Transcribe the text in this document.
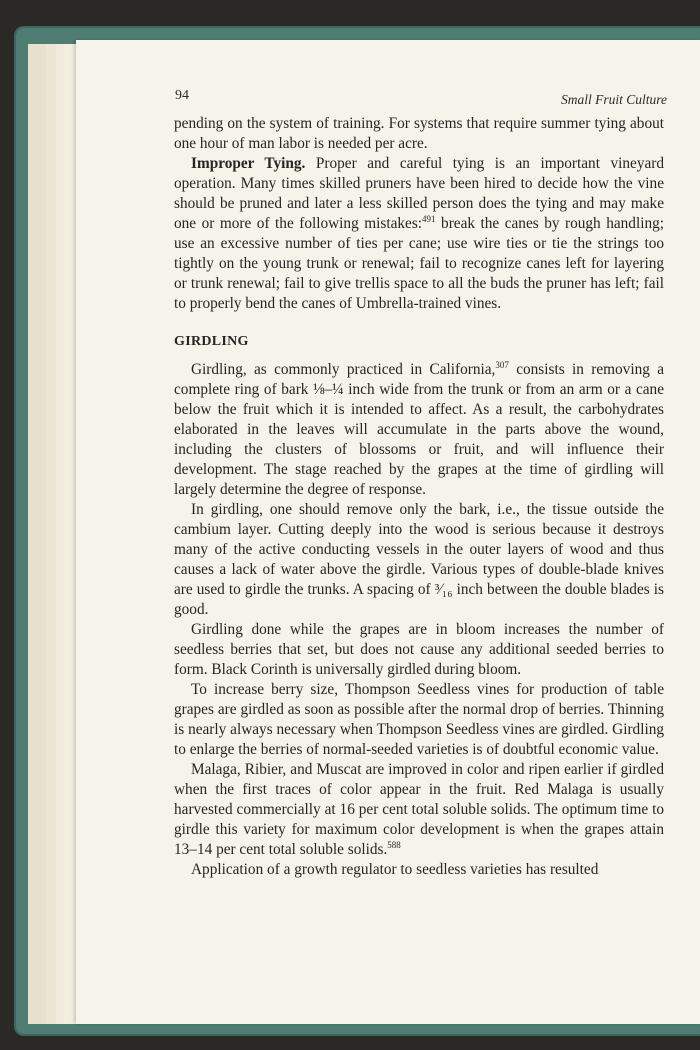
94	Small Fruit Culture

pending on the system of training. For systems that require summer tying about one hour of man labor is needed per acre.

Improper Tying. Proper and careful tying is an important vineyard operation. Many times skilled pruners have been hired to decide how the vine should be pruned and later a less skilled person does the tying and may make one or more of the following mistakes:$^{491}$ break the canes by rough handling; use an excessive number of ties per cane; use wire ties or tie the strings too tightly on the young trunk or renewal; fail to recognize canes left for layering or trunk renewal; fail to give trellis space to all the buds the pruner has left; fail to properly bend the canes of Umbrella-trained vines.

GIRDLING

Girdling, as commonly practiced in California,$^{307}$ consists in removing a complete ring of bark ⅛–¼ inch wide from the trunk or from an arm or a cane below the fruit which it is intended to affect. As a result, the carbohydrates elaborated in the leaves will accumulate in the parts above the wound, including the clusters of blossoms or fruit, and will influence their development. The stage reached by the grapes at the time of girdling will largely determine the degree of response.

In girdling, one should remove only the bark, i.e., the tissue outside the cambium layer. Cutting deeply into the wood is serious because it destroys many of the active conducting vessels in the outer layers of wood and thus causes a lack of water above the girdle. Various types of double-blade knives are used to girdle the trunks. A spacing of ³⁄₁₆ inch between the double blades is good.

Girdling done while the grapes are in bloom increases the number of seedless berries that set, but does not cause any additional seeded berries to form. Black Corinth is universally girdled during bloom.

To increase berry size, Thompson Seedless vines for production of table grapes are girdled as soon as possible after the normal drop of berries. Thinning is nearly always necessary when Thompson Seedless vines are girdled. Girdling to enlarge the berries of normal-seeded varieties is of doubtful economic value.

Malaga, Ribier, and Muscat are improved in color and ripen earlier if girdled when the first traces of color appear in the fruit. Red Malaga is usually harvested commercially at 16 per cent total soluble solids. The optimum time to girdle this variety for maximum color development is when the grapes attain 13–14 per cent total soluble solids.$^{588}$

Application of a growth regulator to seedless varieties has resulted
